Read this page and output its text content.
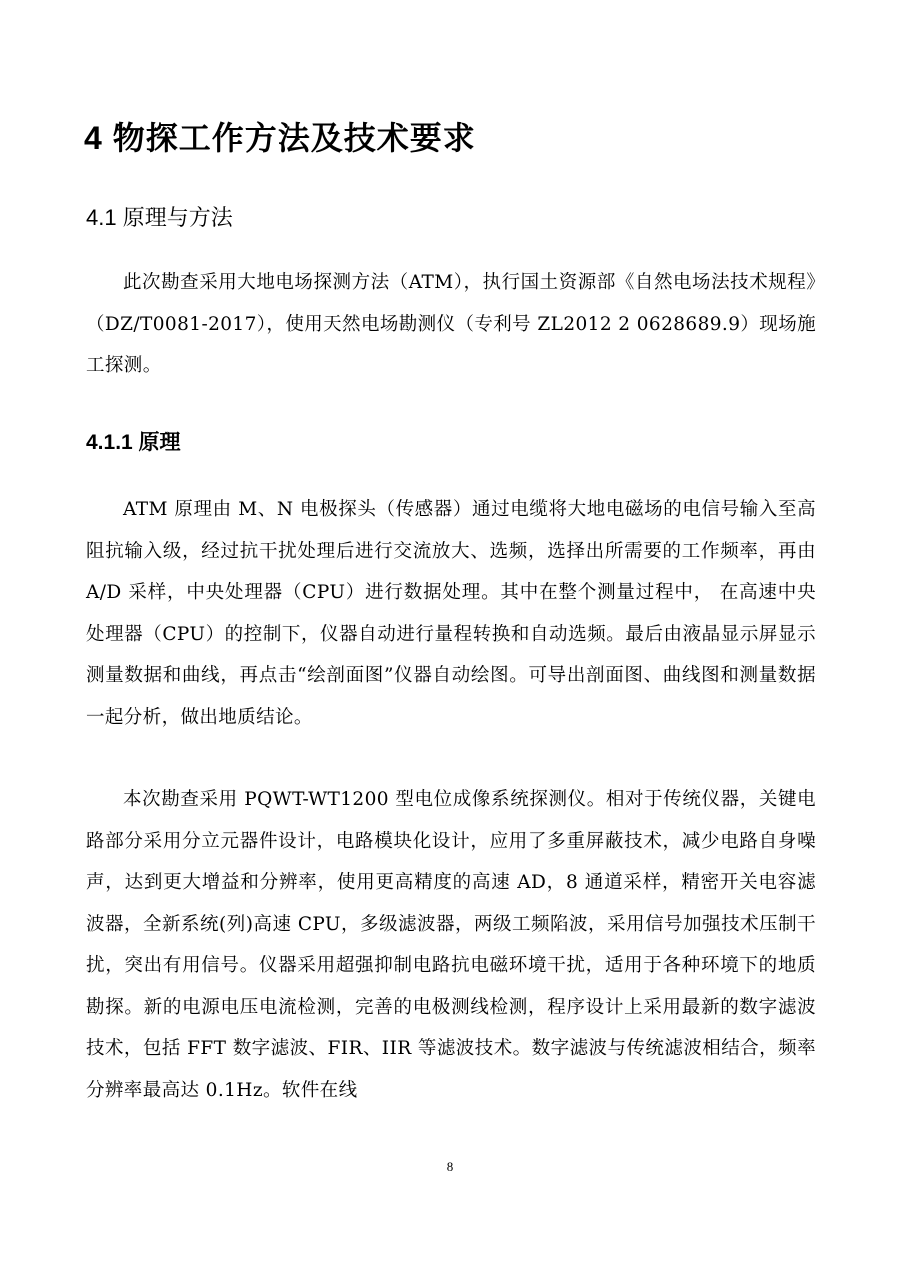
4 物探工作方法及技术要求
4.1 原理与方法

此次勘查采用大地电场探测方法（ATM），执行国土资源部《自然电场法技术规程》（DZ/T0081-2017），使用天然电场勘测仪（专利号 ZL2012 2 0628689.9）现场施工探测。

4.1.1 原理

ATM 原理由 M、N 电极探头（传感器）通过电缆将大地电磁场的电信号输入至高阻抗输入级，经过抗干扰处理后进行交流放大、选频，选择出所需要的工作频率，再由 A/D 采样，中央处理器（CPU）进行数据处理。其中在整个测量过程中， 在高速中央处理器（CPU）的控制下，仪器自动进行量程转换和自动选频。最后由液晶显示屏显示测量数据和曲线，再点击“绘剖面图”仪器自动绘图。可导出剖面图、曲线图和测量数据一起分析，做出地质结论。

本次勘查采用 PQWT-WT1200 型电位成像系统探测仪。相对于传统仪器，关键电路部分采用分立元器件设计，电路模块化设计，应用了多重屏蔽技术，减少电路自身噪声，达到更大增益和分辨率，使用更高精度的高速 AD，8 通道采样，精密开关电容滤波器，全新系统(列)高速 CPU，多级滤波器，两级工频陷波，采用信号加强技术压制干扰，突出有用信号。仪器采用超强抑制电路抗电磁环境干扰，适用于各种环境下的地质勘探。新的电源电压电流检测，完善的电极测线检测，程序设计上采用最新的数字滤波技术，包括 FFT 数字滤波、FIR、IIR 等滤波技术。数字滤波与传统滤波相结合，频率分辨率最高达 0.1Hz。软件在线

8
